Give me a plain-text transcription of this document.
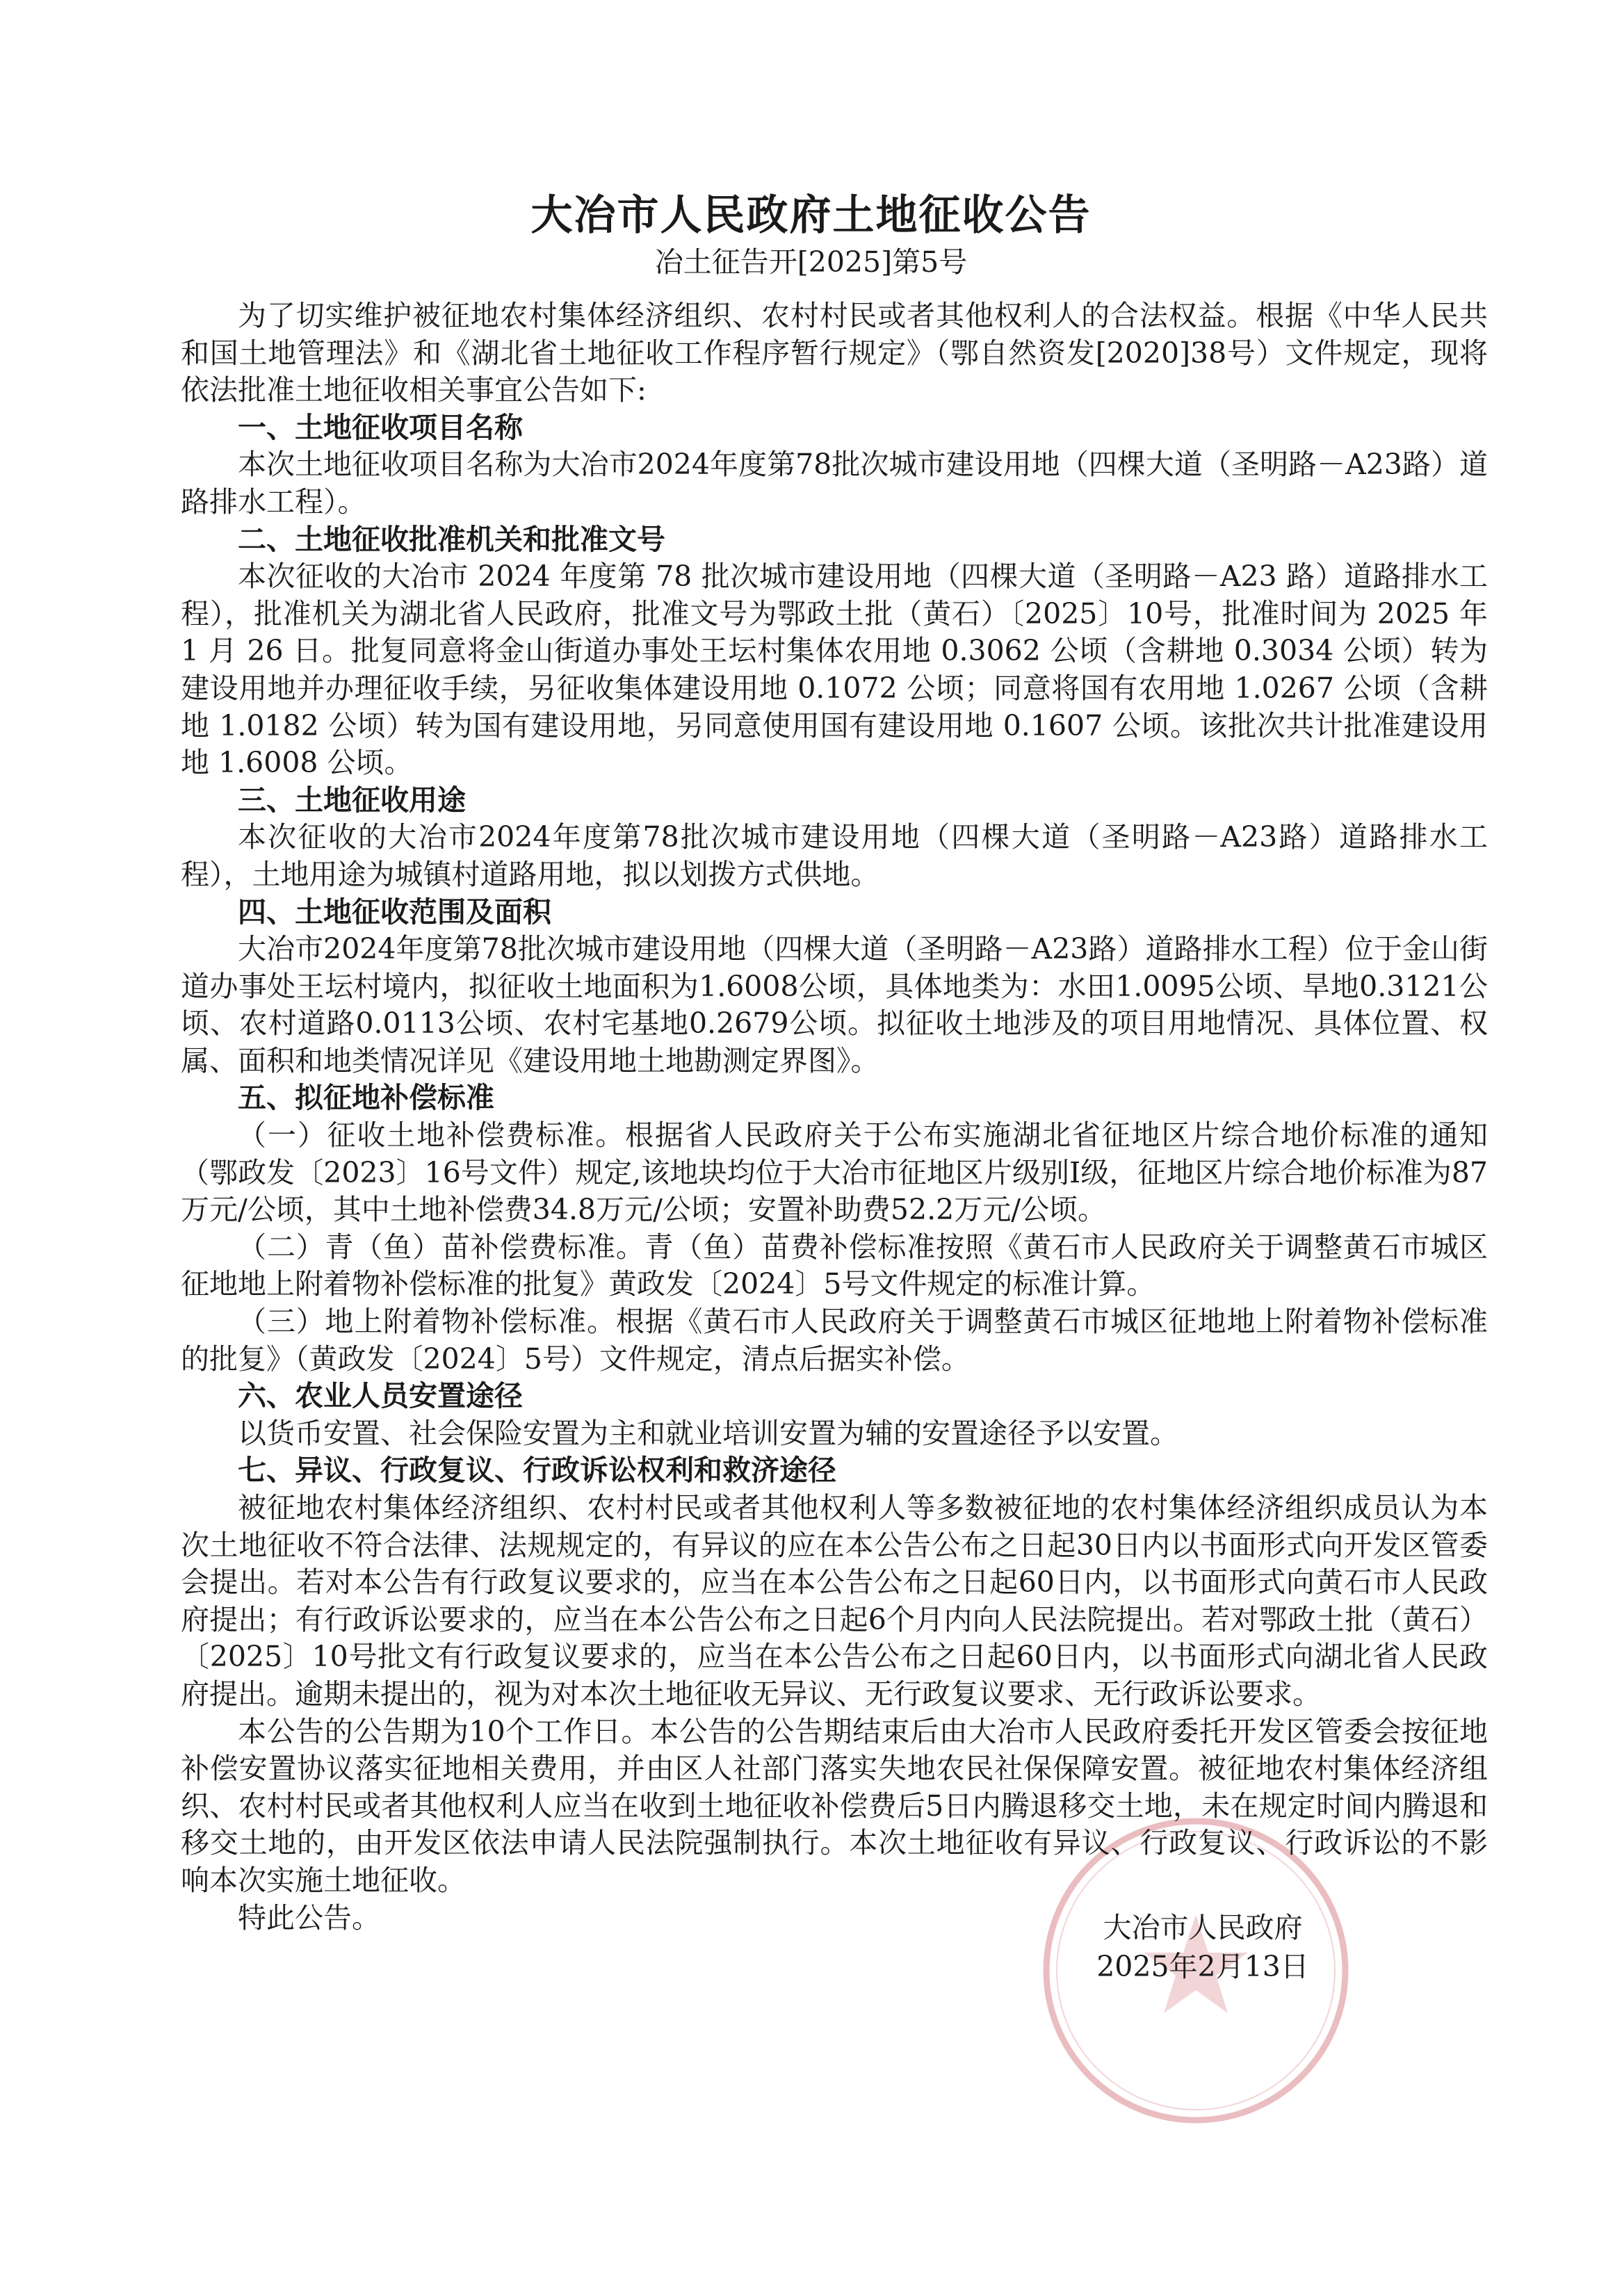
大冶市人民政府土地征收公告
冶土征告开[2025]第5号

为了切实维护被征地农村集体经济组织、农村村民或者其他权利人的合法权益。根据《中华人民共和国土地管理法》和《湖北省土地征收工作程序暂行规定》（鄂自然资发[2020]38号）文件规定，现将依法批准土地征收相关事宜公告如下:

一、土地征收项目名称

本次土地征收项目名称为大冶市2024年度第78批次城市建设用地（四棵大道（圣明路－A23路）道路排水工程）。

二、土地征收批准机关和批准文号

本次征收的大冶市 2024 年度第 78 批次城市建设用地（四棵大道（圣明路－A23 路）道路排水工程），批准机关为湖北省人民政府，批准文号为鄂政土批（黄石）〔2025〕10号，批准时间为 2025 年 1 月 26 日。批复同意将金山街道办事处王坛村集体农用地 0.3062 公顷（含耕地 0.3034 公顷）转为建设用地并办理征收手续，另征收集体建设用地 0.1072 公顷；同意将国有农用地 1.0267 公顷（含耕地 1.0182 公顷）转为国有建设用地，另同意使用国有建设用地 0.1607 公顷。该批次共计批准建设用地 1.6008 公顷。

三、土地征收用途

本次征收的大冶市2024年度第78批次城市建设用地（四棵大道（圣明路－A23路）道路排水工程），土地用途为城镇村道路用地，拟以划拨方式供地。

四、土地征收范围及面积

大冶市2024年度第78批次城市建设用地（四棵大道（圣明路－A23路）道路排水工程）位于金山街道办事处王坛村境内，拟征收土地面积为1.6008公顷，具体地类为：水田1.0095公顷、旱地0.3121公顷、农村道路0.0113公顷、农村宅基地0.2679公顷。拟征收土地涉及的项目用地情况、具体位置、权属、面积和地类情况详见《建设用地土地勘测定界图》。

五、拟征地补偿标准

（一）征收土地补偿费标准。根据省人民政府关于公布实施湖北省征地区片综合地价标准的通知（鄂政发〔2023〕16号文件）规定,该地块均位于大冶市征地区片级别Ⅰ级，征地区片综合地价标准为87万元/公顷，其中土地补偿费34.8万元/公顷；安置补助费52.2万元/公顷。

（二）青（鱼）苗补偿费标准。青（鱼）苗费补偿标准按照《黄石市人民政府关于调整黄石市城区征地地上附着物补偿标准的批复》黄政发〔2024〕5号文件规定的标准计算。

（三）地上附着物补偿标准。根据《黄石市人民政府关于调整黄石市城区征地地上附着物补偿标准的批复》（黄政发〔2024〕5号）文件规定，清点后据实补偿。

六、农业人员安置途径

以货币安置、社会保险安置为主和就业培训安置为辅的安置途径予以安置。

七、异议、行政复议、行政诉讼权利和救济途径

被征地农村集体经济组织、农村村民或者其他权利人等多数被征地的农村集体经济组织成员认为本次土地征收不符合法律、法规规定的，有异议的应在本公告公布之日起30日内以书面形式向开发区管委会提出。若对本公告有行政复议要求的，应当在本公告公布之日起60日内，以书面形式向黄石市人民政府提出；有行政诉讼要求的，应当在本公告公布之日起6个月内向人民法院提出。若对鄂政土批（黄石）〔2025〕10号批文有行政复议要求的，应当在本公告公布之日起60日内，以书面形式向湖北省人民政府提出。逾期未提出的，视为对本次土地征收无异议、无行政复议要求、无行政诉讼要求。

本公告的公告期为10个工作日。本公告的公告期结束后由大冶市人民政府委托开发区管委会按征地补偿安置协议落实征地相关费用，并由区人社部门落实失地农民社保保障安置。被征地农村集体经济组织、农村村民或者其他权利人应当在收到土地征收补偿费后5日内腾退移交土地，未在规定时间内腾退和移交土地的，由开发区依法申请人民法院强制执行。本次土地征收有异议、行政复议、行政诉讼的不影响本次实施土地征收。

特此公告。	大冶市人民政府
2025年2月13日
